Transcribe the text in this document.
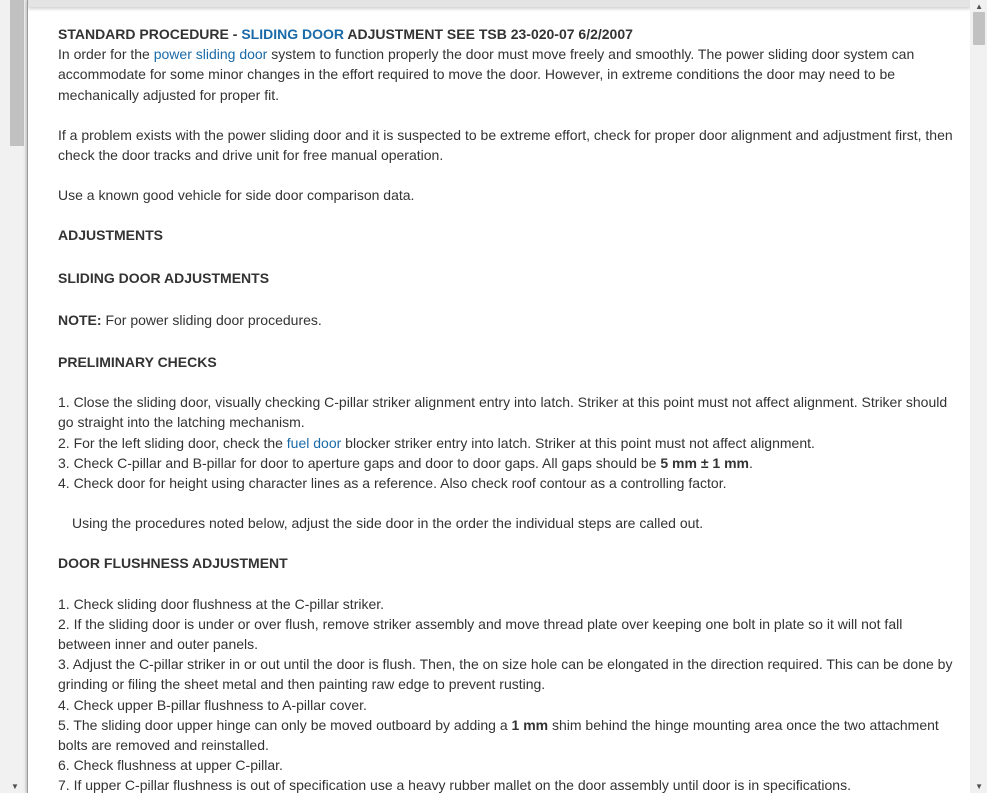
▼

STANDARD PROCEDURE - SLIDING DOOR ADJUSTMENT SEE TSB 23-020-07 6/2/2007

In order for the power sliding door system to function properly the door must move freely and smoothly. The power sliding door system can accommodate for some minor changes in the effort required to move the door. However, in extreme conditions the door may need to be mechanically adjusted for proper fit.

If a problem exists with the power sliding door and it is suspected to be extreme effort, check for proper door alignment and adjustment first, then check the door tracks and drive unit for free manual operation.

Use a known good vehicle for side door comparison data.

ADJUSTMENTS

SLIDING DOOR ADJUSTMENTS

NOTE: For power sliding door procedures.

PRELIMINARY CHECKS

1. Close the sliding door, visually checking C-pillar striker alignment entry into latch. Striker at this point must not affect alignment. Striker should go straight into the latching mechanism.

2. For the left sliding door, check the fuel door blocker striker entry into latch. Striker at this point must not affect alignment.

3. Check C-pillar and B-pillar for door to aperture gaps and door to door gaps. All gaps should be 5 mm ± 1 mm.

4. Check door for height using character lines as a reference. Also check roof contour as a controlling factor.

Using the procedures noted below, adjust the side door in the order the individual steps are called out.

DOOR FLUSHNESS ADJUSTMENT

1. Check sliding door flushness at the C-pillar striker.

2. If the sliding door is under or over flush, remove striker assembly and move thread plate over keeping one bolt in plate so it will not fall between inner and outer panels.

3. Adjust the C-pillar striker in or out until the door is flush. Then, the on size hole can be elongated in the direction required. This can be done by grinding or filing the sheet metal and then painting raw edge to prevent rusting.

4. Check upper B-pillar flushness to A-pillar cover.

5. The sliding door upper hinge can only be moved outboard by adding a 1 mm shim behind the hinge mounting area once the two attachment bolts are removed and reinstalled.

6. Check flushness at upper C-pillar.

7. If upper C-pillar flushness is out of specification use a heavy rubber mallet on the door assembly until door is in specifications.

▲
▼
